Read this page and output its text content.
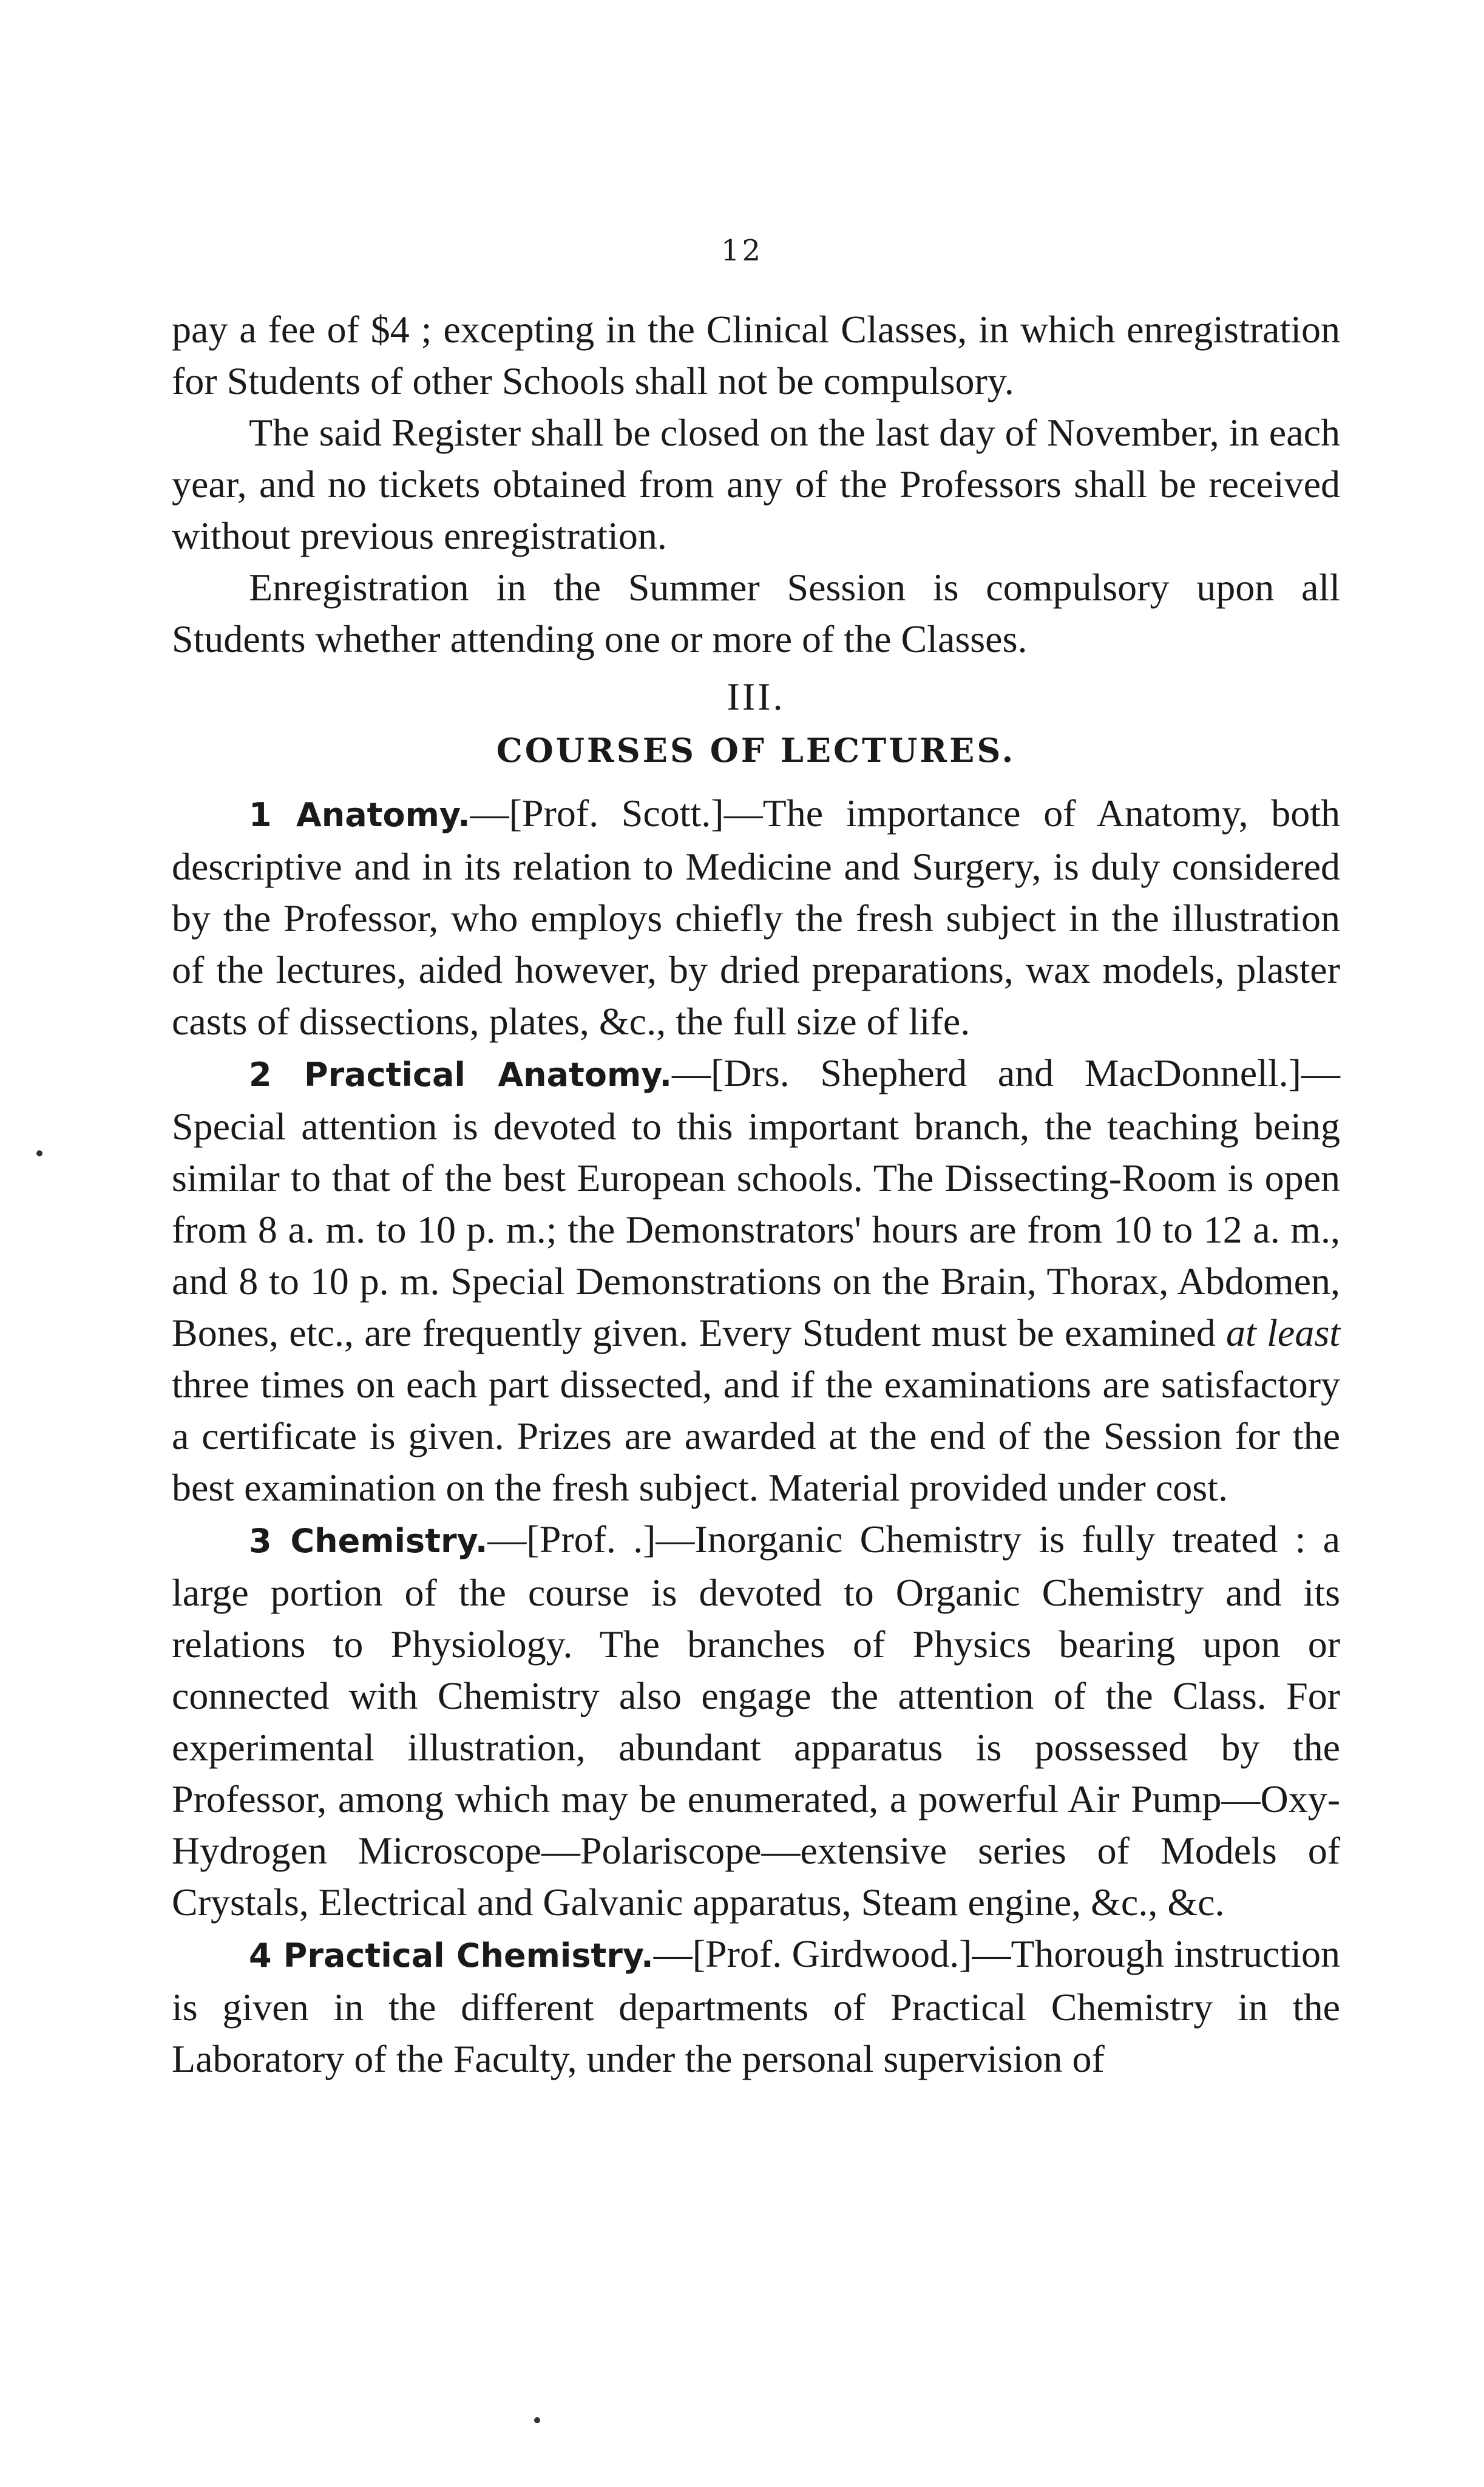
12

pay a fee of $4 ; excepting in the Clinical Classes, in which enregistration for Students of other Schools shall not be compulsory.

The said Register shall be closed on the last day of November, in each year, and no tickets obtained from any of the Professors shall be received without previous enregistration.

Enregistration in the Summer Session is compulsory upon all Students whether attending one or more of the Classes.

III.
COURSES OF LECTURES.

1 Anatomy.—[Prof. Scott.]—The importance of Anatomy, both descriptive and in its relation to Medicine and Surgery, is duly considered by the Professor, who employs chiefly the fresh subject in the illustration of the lectures, aided however, by dried preparations, wax models, plaster casts of dissections, plates, &c., the full size of life.

2 Practical Anatomy.—[Drs. Shepherd and MacDonnell.]—Special attention is devoted to this important branch, the teaching being similar to that of the best European schools. The Dissecting-Room is open from 8 a. m. to 10 p. m.; the Demonstrators' hours are from 10 to 12 a. m., and 8 to 10 p. m. Special Demonstrations on the Brain, Thorax, Abdomen, Bones, etc., are frequently given. Every Student must be examined at least three times on each part dissected, and if the examinations are satisfactory a certificate is given. Prizes are awarded at the end of the Session for the best examination on the fresh subject. Material provided under cost.

3 Chemistry.—[Prof. .]—Inorganic Chemistry is fully treated : a large portion of the course is devoted to Organic Chemistry and its relations to Physiology. The branches of Physics bearing upon or connected with Chemistry also engage the attention of the Class. For experimental illustration, abundant apparatus is possessed by the Professor, among which may be enumerated, a powerful Air Pump—Oxy-Hydrogen Microscope—Polariscope—extensive series of Models of Crystals, Electrical and Galvanic apparatus, Steam engine, &c., &c.

4 Practical Chemistry.—[Prof. Girdwood.]—Thorough instruction is given in the different departments of Practical Chemistry in the Laboratory of the Faculty, under the personal supervision of
